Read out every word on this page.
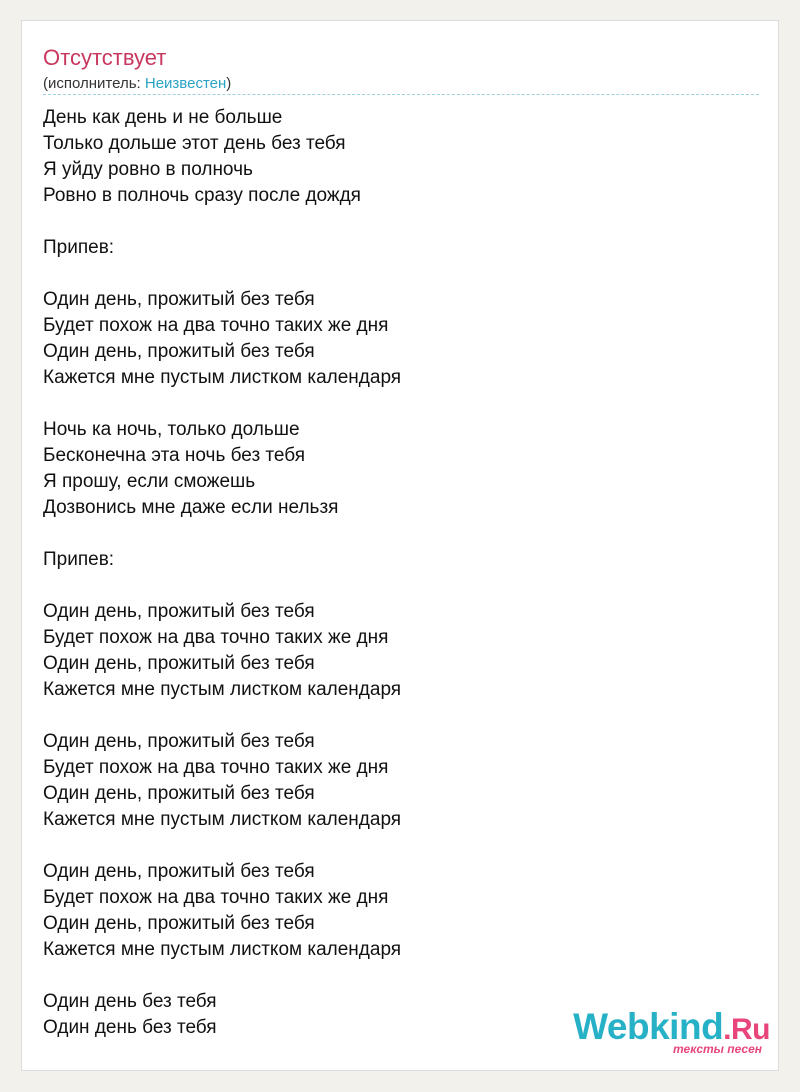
Отсутствует
(исполнитель: Неизвестен)
День как день и не больше
Только дольше этот день без тебя
Я уйду ровно в полночь
Ровно в полночь сразу после дождя
Припев:
Один день, прожитый без тебя
Будет похож на два точно таких же дня
Один день, прожитый без тебя
Кажется мне пустым листком календаря
Ночь ка ночь, только дольше
Бесконечна эта ночь без тебя
Я прошу, если сможешь
Дозвонись мне даже если нельзя
Припев:
Один день, прожитый без тебя
Будет похож на два точно таких же дня
Один день, прожитый без тебя
Кажется мне пустым листком календаря
Один день, прожитый без тебя
Будет похож на два точно таких же дня
Один день, прожитый без тебя
Кажется мне пустым листком календаря
Один день, прожитый без тебя
Будет похож на два точно таких же дня
Один день, прожитый без тебя
Кажется мне пустым листком календаря
Один день без тебя
Один день без тебя	Webkind.Ru
тексты песен
